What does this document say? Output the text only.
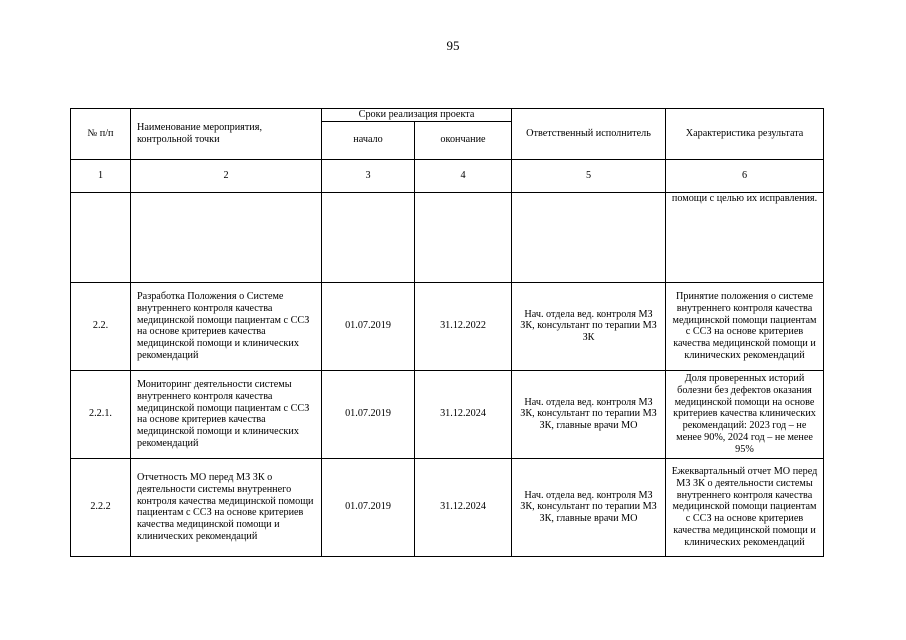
95
№ п/п	Наименование мероприятия, контрольной точки	Сроки реализация проекта		Ответственный исполнитель	Характеристика результата
		начало	окончание		
1	2	3	4	5	6
					помощи с целью их исправления.
2.2.	Разработка Положения о Системе внутреннего контроля качества медицинской помощи пациентам с ССЗ на основе критериев качества медицинской помощи и клинических рекомендаций	01.07.2019	31.12.2022	Нач. отдела вед. контроля МЗ ЗК, консультант по терапии МЗ ЗК	Принятие положения о системе внутреннего контроля качества медицинской помощи пациентам с ССЗ на основе критериев качества медицинской помощи и клинических рекомендаций
2.2.1.	Мониторинг деятельности системы внутреннего контроля качества медицинской помощи пациентам с ССЗ на основе критериев качества медицинской помощи и клинических рекомендаций	01.07.2019	31.12.2024	Нач. отдела вед. контроля МЗ ЗК, консультант по терапии МЗ ЗК, главные врачи МО	Доля проверенных историй болезни без дефектов оказания медицинской помощи на основе критериев качества клинических рекомендаций: 2023 год – не менее 90%, 2024 год – не менее 95%
2.2.2	Отчетность МО перед МЗ ЗК о деятельности системы внутреннего контроля качества медицинской помощи пациентам с ССЗ на основе критериев качества медицинской помощи и клинических рекомендаций	01.07.2019	31.12.2024	Нач. отдела вед. контроля МЗ ЗК, консультант по терапии МЗ ЗК, главные врачи МО	Ежеквартальный отчет МО перед МЗ ЗК о деятельности системы внутреннего контроля качества медицинской помощи пациентам с ССЗ на основе критериев качества медицинской помощи и клинических рекомендаций
